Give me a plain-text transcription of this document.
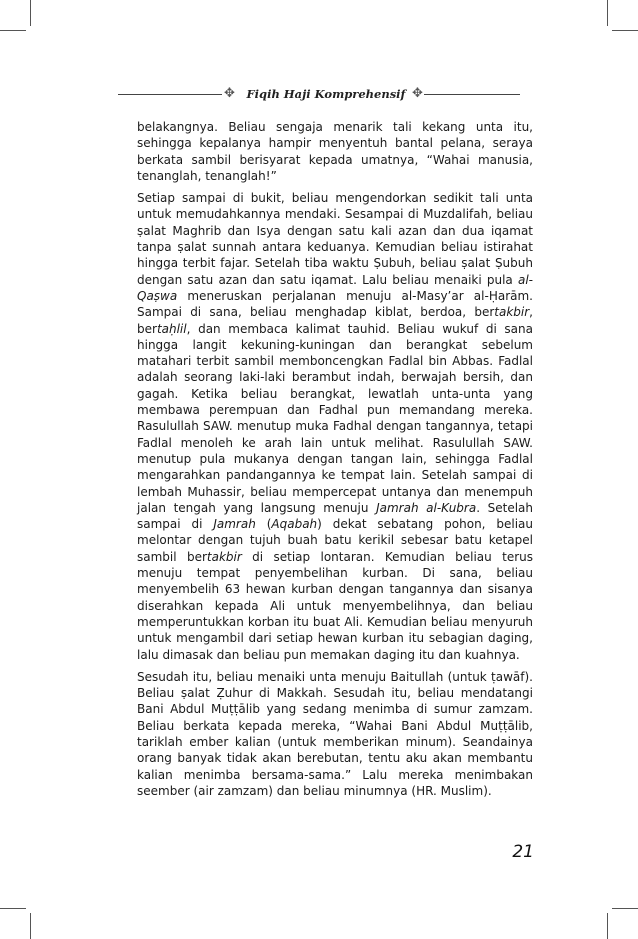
✥	Fiqih Haji Komprehensif ✥

belakangnya. Beliau sengaja menarik tali kekang unta itu, sehingga kepalanya hampir menyentuh bantal pelana, seraya berkata sambil berisyarat kepada umatnya, “Wahai manusia, tenanglah, tenanglah!”

Setiap sampai di bukit, beliau mengendorkan sedikit tali unta untuk memudahkannya mendaki. Sesampai di Muzdalifah, beliau ṣalat Maghrib dan Isya dengan satu kali azan dan dua iqamat tanpa ṣalat sunnah antara keduanya. Kemudian beliau istirahat hingga terbit fajar. Setelah tiba waktu Ṣubuh, beliau ṣalat Ṣubuh dengan satu azan dan satu iqamat. Lalu beliau menaiki pula al-Qaṣwa meneruskan perjalanan menuju al-Masy’ar al-Ḥarām. Sampai di sana, beliau menghadap kiblat, berdoa, bertakbir, bertaḥlil, dan membaca kalimat tauhid. Beliau wukuf di sana hingga langit kekuning-kuningan dan berangkat sebelum matahari terbit sambil memboncengkan Fadlal bin Abbas. Fadlal adalah seorang laki-laki berambut indah, berwajah bersih, dan gagah. Ketika beliau berangkat, lewatlah unta-unta yang membawa perempuan dan Fadhal pun memandang mereka. Rasulullah SAW. menutup muka Fadhal dengan tangannya, tetapi Fadlal menoleh ke arah lain untuk melihat. Rasulullah SAW. menutup pula mukanya dengan tangan lain, sehingga Fadlal mengarahkan pandangannya ke tempat lain. Setelah sampai di lembah Muhassir, beliau mempercepat untanya dan menempuh jalan tengah yang langsung menuju Jamrah al-Kubra. Setelah sampai di Jamrah (Aqabah) dekat sebatang pohon, beliau melontar dengan tujuh buah batu kerikil sebesar batu ketapel sambil bertakbir di setiap lontaran. Kemudian beliau terus menuju tempat penyembelihan kurban. Di sana, beliau menyembelih 63 hewan kurban dengan tangannya dan sisanya diserahkan kepada Ali untuk menyembelihnya, dan beliau memperuntukkan korban itu buat Ali. Kemudian beliau menyuruh untuk mengambil dari setiap hewan kurban itu sebagian daging, lalu dimasak dan beliau pun memakan daging itu dan kuahnya.

Sesudah itu, beliau menaiki unta menuju Baitullah (untuk ṭawāf). Beliau ṣalat Ẓuhur di Makkah. Sesudah itu, beliau mendatangi Bani Abdul Muṭṭālib yang sedang menimba di sumur zamzam. Beliau berkata kepada mereka, “Wahai Bani Abdul Muṭṭālib, tariklah ember kalian (untuk memberikan minum). Seandainya orang banyak tidak akan berebutan, tentu aku akan membantu kalian menimba bersama-sama.” Lalu mereka menimbakan seember (air zamzam) dan beliau minumnya (HR. Muslim).

21
